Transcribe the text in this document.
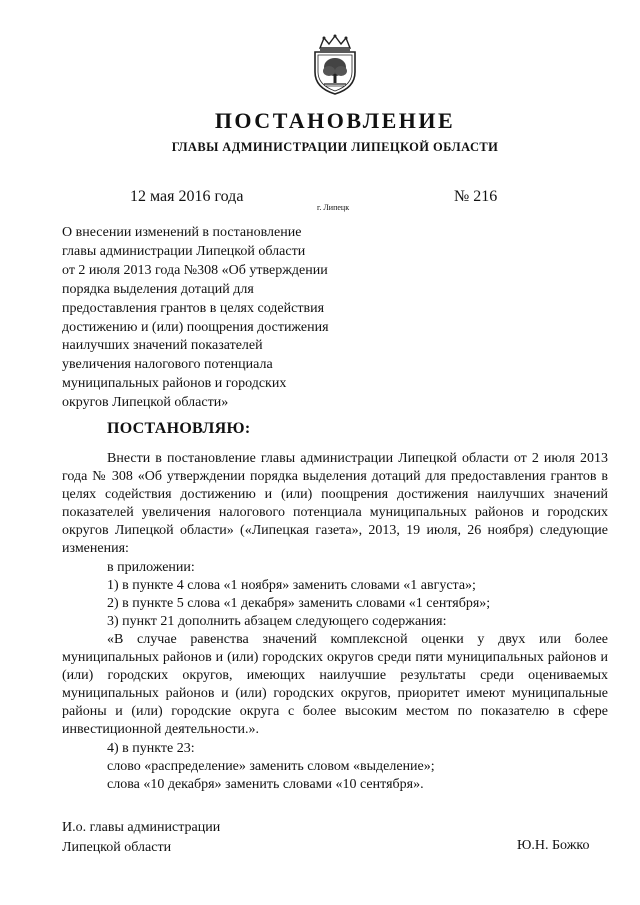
ПОСТАНОВЛЕНИЕ
ГЛАВЫ АДМИНИСТРАЦИИ ЛИПЕЦКОЙ ОБЛАСТИ
12 мая 2016 года
г. Липецк
№ 216
О внесении изменений в постановление
главы администрации Липецкой области
от 2 июля 2013 года №308 «Об утверждении
порядка выделения дотаций для
предоставления грантов в целях содействия
достижению и (или) поощрения достижения
наилучших значений показателей
увеличения налогового потенциала
муниципальных районов и городских
округов Липецкой области»
ПОСТАНОВЛЯЮ:

Внести в постановление главы администрации Липецкой области от 2 июля 2013 года № 308 «Об утверждении порядка выделения дотаций для предоставления грантов в целях содействия достижению и (или) поощрения достижения наилучших значений показателей увеличения налогового потенциала муниципальных районов и городских округов Липецкой области» («Липецкая газета», 2013, 19 июля, 26 ноября) следующие изменения:

в приложении:

1) в пункте 4 слова «1 ноября» заменить словами «1 августа»;

2) в пункте 5 слова «1 декабря» заменить словами «1 сентября»;

3) пункт 21 дополнить абзацем следующего содержания:

«В случае равенства значений комплексной оценки у двух или более муниципальных районов и (или) городских округов среди пяти муниципальных районов и (или) городских округов, имеющих наилучшие результаты среди оцениваемых муниципальных районов и (или) городских округов, приоритет имеют муниципальные районы и (или) городские округа с более высоким местом по показателю в сфере инвестиционной деятельности.».

4) в пункте 23:

слово «распределение» заменить словом «выделение»;

слова «10 декабря» заменить словами «10 сентября».

И.о. главы администрации
Липецкой области	Ю.Н. Божко
